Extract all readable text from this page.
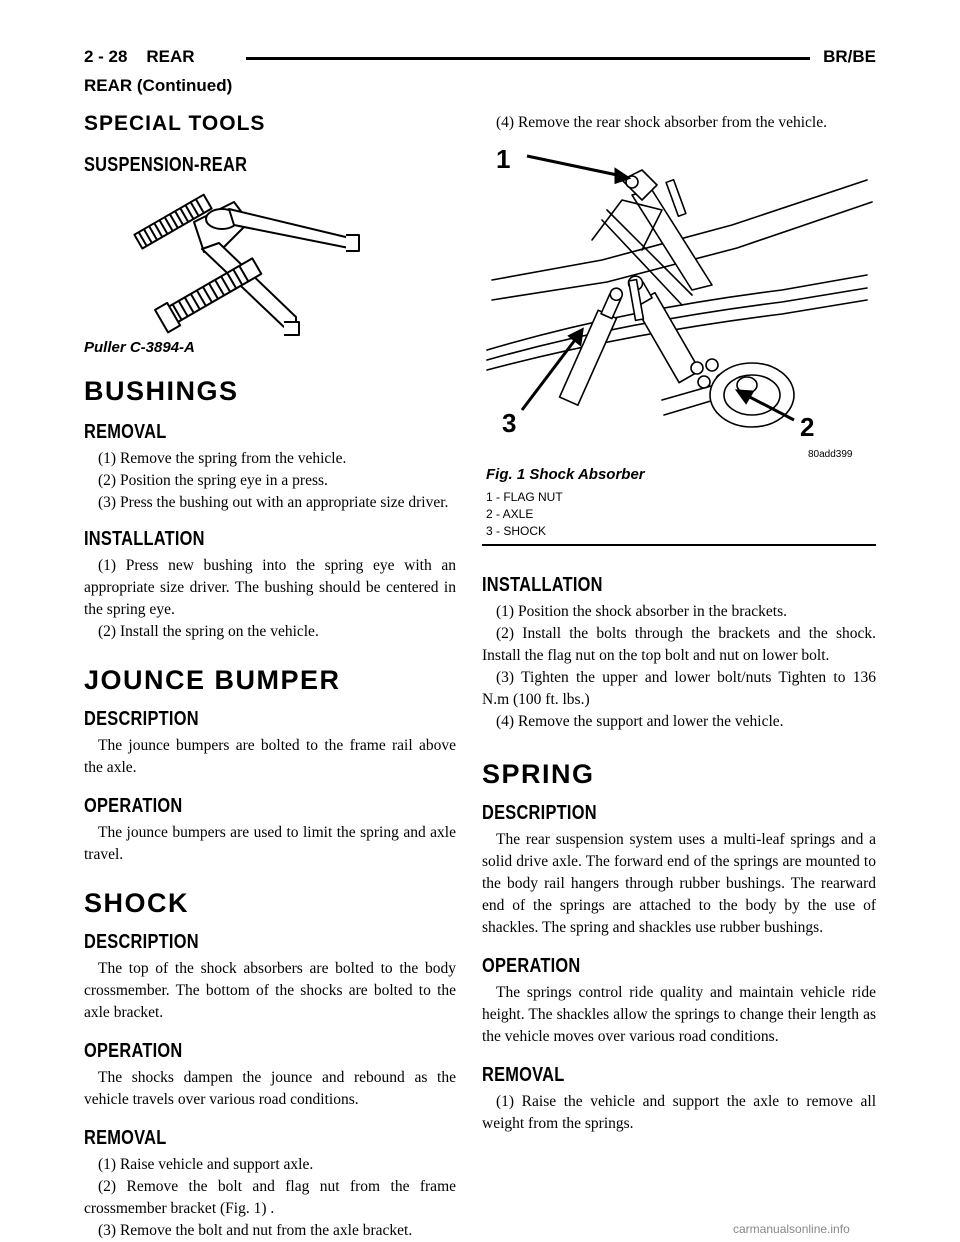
2 - 28 REAR	BR/BE
REAR (Continued)
SPECIAL TOOLS
SUSPENSION-REAR
Puller C-3894-A
BUSHINGS
REMOVAL

(1) Remove the spring from the vehicle.

(2) Position the spring eye in a press.

(3) Press the bushing out with an appropriate size driver.

INSTALLATION

(1) Press new bushing into the spring eye with an appropriate size driver. The bushing should be centered in the spring eye.

(2) Install the spring on the vehicle.

JOUNCE BUMPER
DESCRIPTION

The jounce bumpers are bolted to the frame rail above the axle.

OPERATION

The jounce bumpers are used to limit the spring and axle travel.

SHOCK
DESCRIPTION

The top of the shock absorbers are bolted to the body crossmember. The bottom of the shocks are bolted to the axle bracket.

OPERATION

The shocks dampen the jounce and rebound as the vehicle travels over various road conditions.

REMOVAL

(1) Raise vehicle and support axle.

(2) Remove the bolt and flag nut from the frame crossmember bracket (Fig. 1) .

(3) Remove the bolt and nut from the axle bracket.

(4) Remove the rear shock absorber from the vehicle.

1
3	2
80add399
Fig. 1 Shock Absorber
1 - FLAG NUT
2 - AXLE
3 - SHOCK
INSTALLATION

(1) Position the shock absorber in the brackets.

(2) Install the bolts through the brackets and the shock. Install the flag nut on the top bolt and nut on lower bolt.

(3) Tighten the upper and lower bolt/nuts Tighten to 136 N.m (100 ft. lbs.)

(4) Remove the support and lower the vehicle.

SPRING
DESCRIPTION

The rear suspension system uses a multi-leaf springs and a solid drive axle. The forward end of the springs are mounted to the body rail hangers through rubber bushings. The rearward end of the springs are attached to the body by the use of shackles. The spring and shackles use rubber bushings.

OPERATION

The springs control ride quality and maintain vehicle ride height. The shackles allow the springs to change their length as the vehicle moves over various road conditions.

REMOVAL

(1) Raise the vehicle and support the axle to remove all weight from the springs.

carmanualsonline.info
